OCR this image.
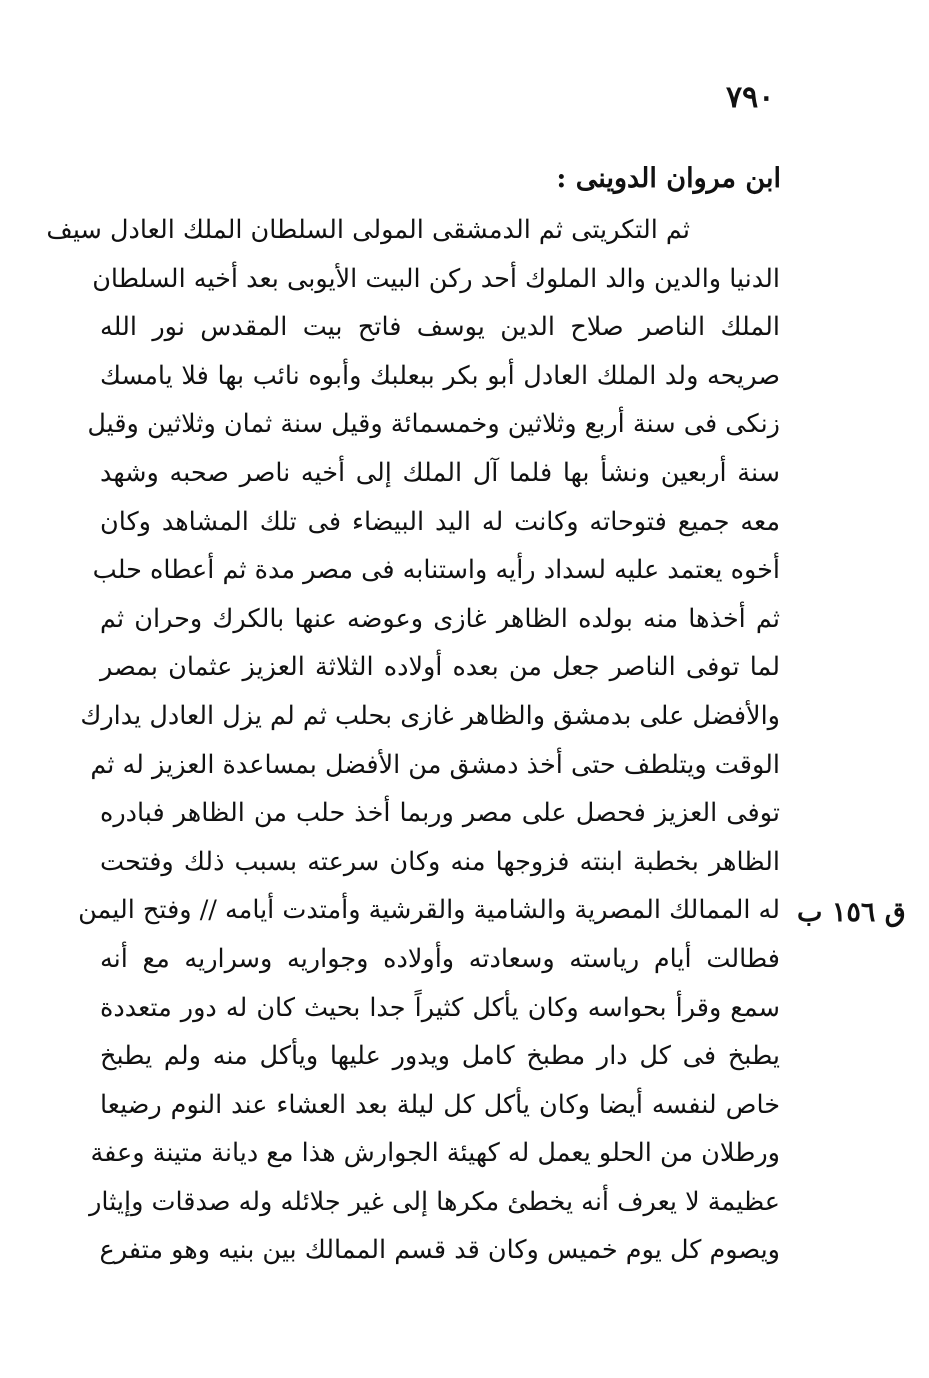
٧٩٠
ابن مروان الدوينى :
ق ١٥٦ ب
ثم التكريتى ثم الدمشقى المولى السلطان الملك العادل سيف
الدنيا والدين والد الملوك أحد ركن البيت الأيوبى بعد أخيه السلطان
الملك الناصر صلاح الدين يوسف فاتح بيت المقدس نور الله
صريحه ولد الملك العادل أبو بكر ببعلبك وأبوه نائب بها فلا يامسك
زنكى فى سنة أربع وثلاثين وخمسمائة وقيل سنة ثمان وثلاثين وقيل
سنة أربعين ونشأ بها فلما آل الملك إلى أخيه ناصر صحبه وشهد
معه جميع فتوحاته وكانت له اليد البيضاء فى تلك المشاهد وكان
أخوه يعتمد عليه لسداد رأيه واستنابه فى مصر مدة ثم أعطاه حلب
ثم أخذها منه بولده الظاهر غازى وعوضه عنها بالكرك وحران ثم
لما توفى الناصر جعل من بعده أولاده الثلاثة العزيز عثمان بمصر
والأفضل على بدمشق والظاهر غازى بحلب ثم لم يزل العادل يدارك
الوقت ويتلطف حتى أخذ دمشق من الأفضل بمساعدة العزيز له ثم
توفى العزيز فحصل على مصر وربما أخذ حلب من الظاهر فبادره
الظاهر بخطبة ابنته فزوجها منه وكان سرعته بسبب ذلك وفتحت
له الممالك المصرية والشامية والقرشية وأمتدت أيامه // وفتح اليمن
فطالت أيام رياسته وسعادته وأولاده وجواريه وسراريه مع أنه
سمع وقرأ بحواسه وكان يأكل كثيراً جدا بحيث كان له دور متعددة
يطبخ فى كل دار مطبخ كامل ويدور عليها ويأكل منه ولم يطبخ
خاص لنفسه أيضا وكان يأكل كل ليلة بعد العشاء عند النوم رضيعا
ورطلان من الحلو يعمل له كهيئة الجوارش هذا مع ديانة متينة وعفة
عظيمة لا يعرف أنه يخطئ مكرها إلى غير جلائله وله صدقات وإيثار
ويصوم كل يوم خميس وكان قد قسم الممالك بين بنيه وهو متفرع
